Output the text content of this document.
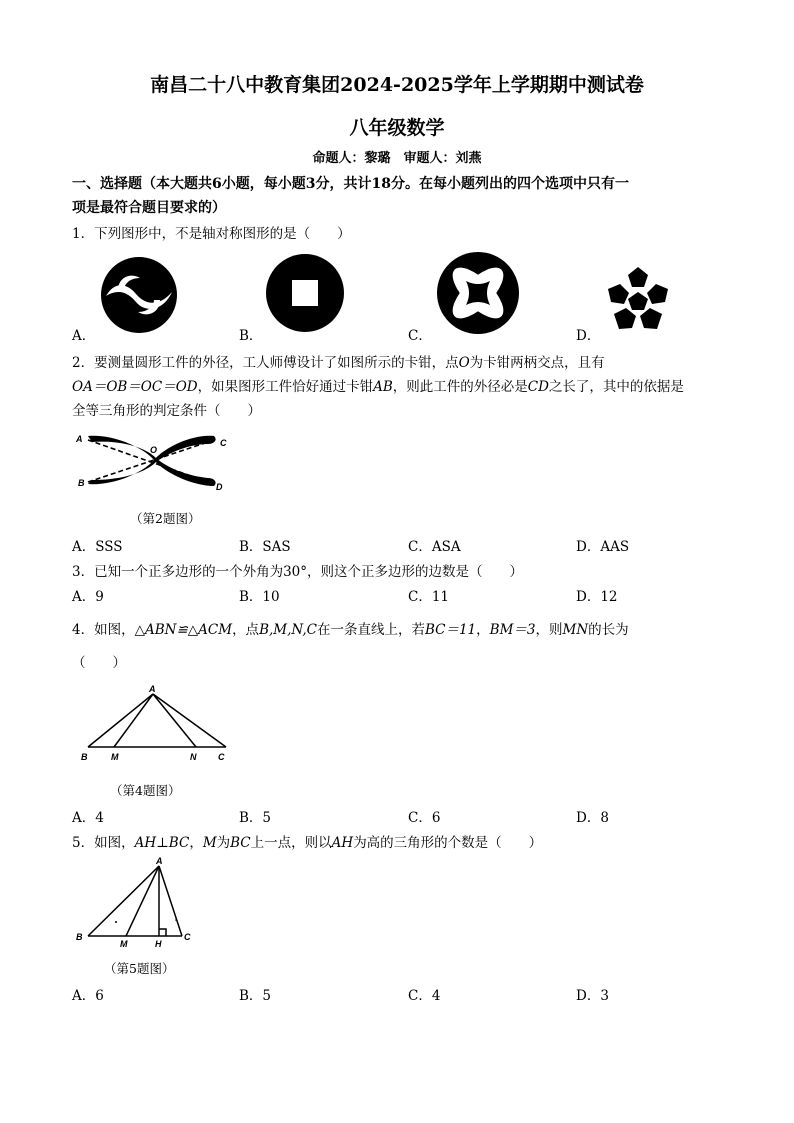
南昌二十八中教育集团2024-2025学年上学期期中测试卷
八年级数学
命题人：黎璐　审题人：刘燕
一、选择题（本大题共6小题，每小题3分，共计18分。在每小题列出的四个选项中只有一
项是最符合题目要求的）
1．下列图形中，不是轴对称图形的是（　　）
A．	B．	C．	D．
2．要测量圆形工件的外径，工人师傅设计了如图所示的卡钳，点O为卡钳两柄交点，且有
OA＝OB＝OC＝OD，如果图形工件恰好通过卡钳AB，则此工件的外径必是CD之长了，其中的依据是
全等三角形的判定条件（　　）
A
B
O
C
D
（第2题图）
A．SSS	B．SAS	C．ASA	D．AAS
3．已知一个正多边形的一个外角为30°，则这个正多边形的边数是（　　）
A．9	B．10	C．11	D．12
4．如图，△ABN≌△ACM，点B,M,N,C在一条直线上，若BC＝11，BM＝3，则MN的长为
（　　）
A
B	M	N C
（第4题图）
A．4	B．5	C．6	D．8
5．如图，AH⊥BC，M为BC上一点，则以AH为高的三角形的个数是（　　）
A
B
M	H
C
（第5题图）
A．6	B．5	C．4	D．3
